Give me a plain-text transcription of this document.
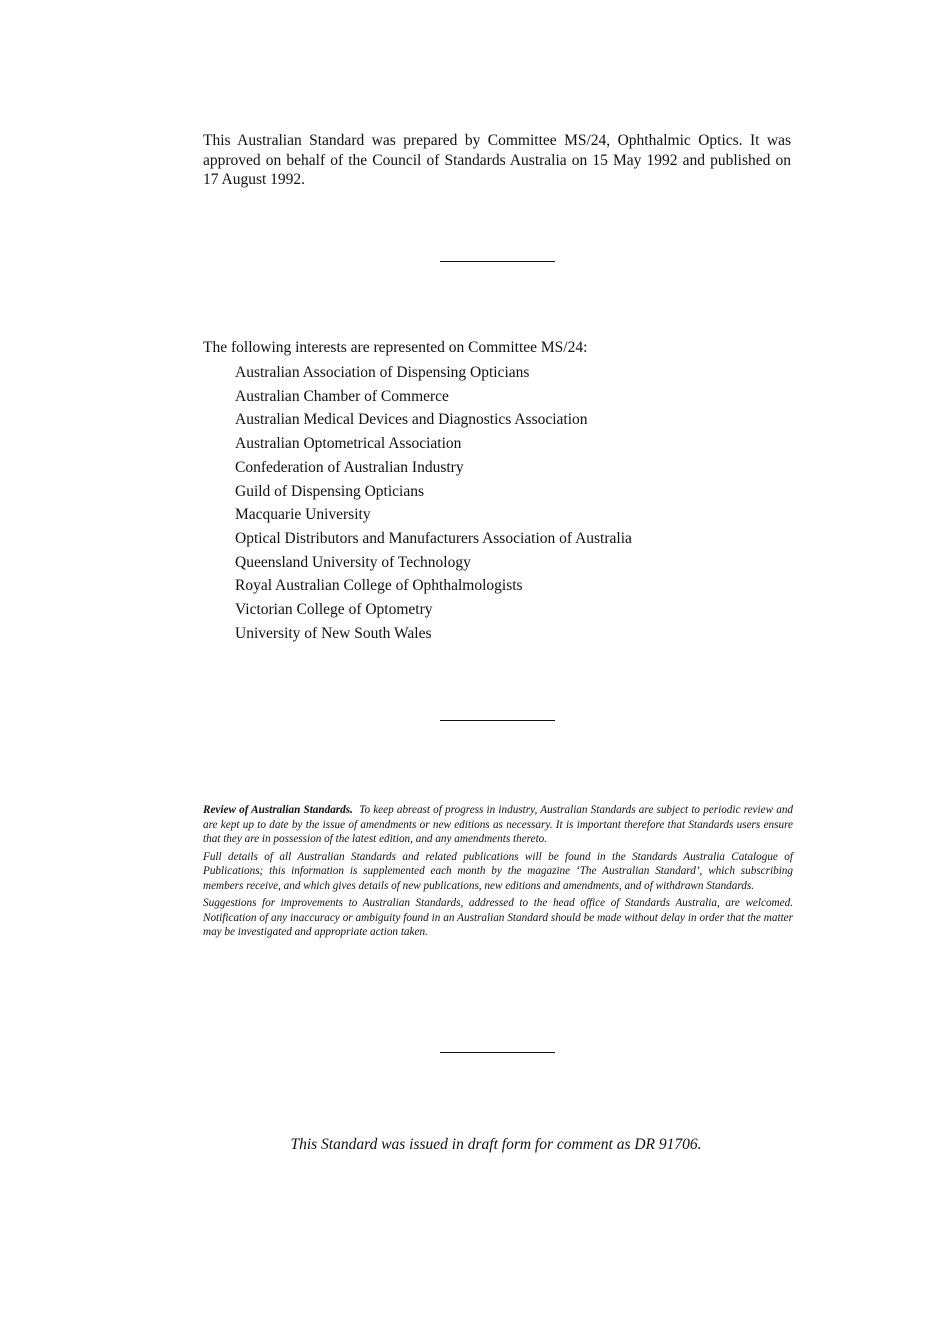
This Australian Standard was prepared by Committee MS/24, Ophthalmic Optics. It was approved on behalf of the Council of Standards Australia on 15 May 1992 and published on 17 August 1992.

The following interests are represented on Committee MS/24:

Australian Association of Dispensing Opticians
Australian Chamber of Commerce
Australian Medical Devices and Diagnostics Association
Australian Optometrical Association
Confederation of Australian Industry
Guild of Dispensing Opticians
Macquarie University
Optical Distributors and Manufacturers Association of Australia
Queensland University of Technology
Royal Australian College of Ophthalmologists
Victorian College of Optometry
University of New South Wales

Review of Australian Standards. To keep abreast of progress in industry, Australian Standards are subject to periodic review and are kept up to date by the issue of amendments or new editions as necessary. It is important therefore that Standards users ensure that they are in possession of the latest edition, and any amendments thereto.

Full details of all Australian Standards and related publications will be found in the Standards Australia Catalogue of Publications; this information is supplemented each month by the magazine ‘The Australian Standard’, which subscribing members receive, and which gives details of new publications, new editions and amendments, and of withdrawn Standards.

Suggestions for improvements to Australian Standards, addressed to the head office of Standards Australia, are welcomed. Notification of any inaccuracy or ambiguity found in an Australian Standard should be made without delay in order that the matter may be investigated and appropriate action taken.

This Standard was issued in draft form for comment as DR 91706.
